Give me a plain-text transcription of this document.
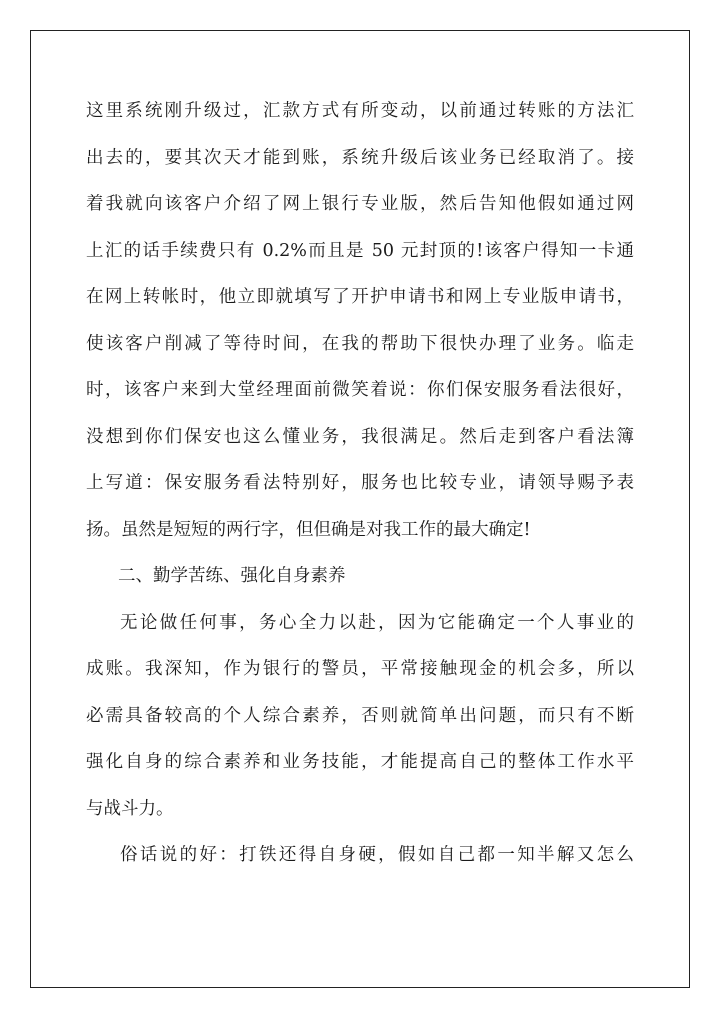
这里系统刚升级过，汇款方式有所变动，以前通过转账的方法汇
出去的，要其次天才能到账，系统升级后该业务已经取消了。接
着我就向该客户介绍了网上银行专业版，然后告知他假如通过网
上汇的话手续费只有 0.2%而且是 50 元封顶的!该客户得知一卡通
在网上转帐时，他立即就填写了开护申请书和网上专业版申请书，
使该客户削减了等待时间，在我的帮助下很快办理了业务。临走
时，该客户来到大堂经理面前微笑着说：你们保安服务看法很好，
没想到你们保安也这么懂业务，我很满足。然后走到客户看法簿
上写道：保安服务看法特别好，服务也比较专业，请领导赐予表
扬。虽然是短短的两行字，但但确是对我工作的最大确定!
二、勤学苦练、强化自身素养
无论做任何事，务心全力以赴，因为它能确定一个人事业的
成账。我深知，作为银行的警员，平常接触现金的机会多，所以
必需具备较高的个人综合素养，否则就简单出问题，而只有不断
强化自身的综合素养和业务技能，才能提高自己的整体工作水平
与战斗力。
俗话说的好：打铁还得自身硬，假如自己都一知半解又怎么
